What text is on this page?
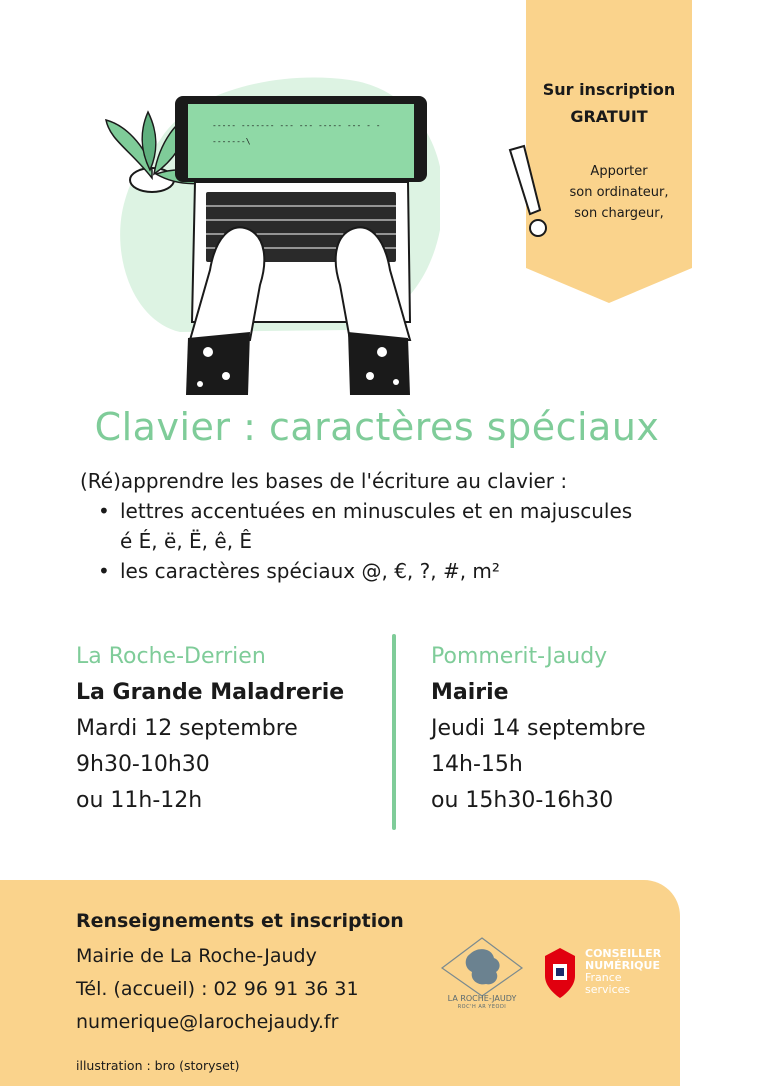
Sur inscription
GRATUIT
Apporter
son ordinateur,
son chargeur,
----- ------- --- --- ----- --- - -
-------\
Clavier : caractères spéciaux
(Ré)apprendre les bases de l'écriture au clavier :
• lettres accentuées en minuscules et en majuscules
é É, ë, Ë, ê, Ê
• les caractères spéciaux @, €, ?, #, m²
La Roche-Derrien
La Grande Maladrerie
Mardi 12 septembre
9h30-10h30
ou 11h-12h
Pommerit-Jaudy
Mairie
Jeudi 14 septembre
14h-15h
ou 15h30-16h30
Renseignements et inscription
Mairie de La Roche-Jaudy
Tél. (accueil) : 02 96 91 36 31
numerique@larochejaudy.fr
illustration : bro (storyset)
LA ROCHE-JAUDY
ROC'H AR YEODI
CONSEILLER
NUMÉRIQUE
France
services
